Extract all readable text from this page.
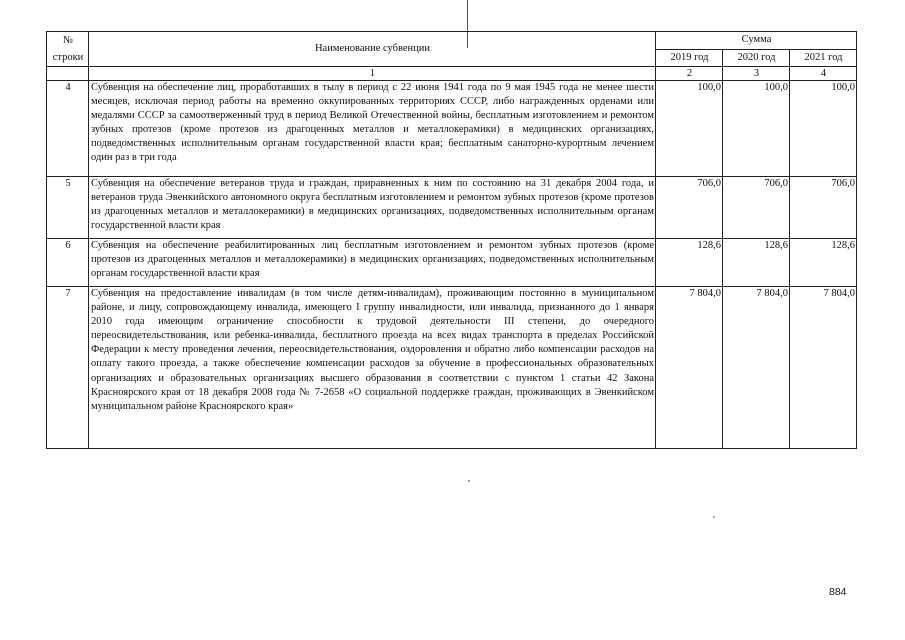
№
строки	Наименование субвенции	Сумма		
		2019 год	2020 год	2021 год
	1	2	3	4
4	Субвенция на обеспечение лиц, проработавших в тылу в период с 22 июня 1941 года по 9 мая 1945 года не менее шести месяцев, исключая период работы на временно оккупированных территориях СССР, либо награжденных орденами или медалями СССР за самоотверженный труд в период Великой Отечественной войны, бесплатным изготовлением и ремонтом зубных протезов (кроме протезов из драгоценных металлов и металлокерамики) в медицинских организациях, подведомственных исполнительным органам государственной власти края; бесплатным санаторно-курортным лечением один раз в три года	100,0	100,0	100,0
5	Субвенция на обеспечение ветеранов труда и граждан, приравненных к ним по состоянию на 31 декабря 2004 года, и ветеранов труда Эвенкийского автономного округа бесплатным изготовлением и ремонтом зубных протезов (кроме протезов из драгоценных металлов и металлокерамики) в медицинских организациях, подведомственных исполнительным органам государственной власти края	706,0	706,0	706,0
6	Субвенция на обеспечение реабилитированных лиц бесплатным изготовлением и ремонтом зубных протезов (кроме протезов из драгоценных металлов и металлокерамики) в медицинских организациях, подведомственных исполнительным органам государственной власти края	128,6	128,6	128,6
7	Субвенция на предоставление инвалидам (в том числе детям-инвалидам), проживающим постоянно в муниципальном районе, и лицу, сопровождающему инвалида, имеющего I группу инвалидности, или инвалида, признанного до 1 января 2010 года имеющим ограничение способности к трудовой деятельности III степени, до очередного переосвидетельствования, или ребенка-инвалида, бесплатного проезда на всех видах транспорта в пределах Российской Федерации к месту проведения лечения, переосвидетельствования, оздоровления и обратно либо компенсации расходов на оплату такого проезда, а также обеспечение компенсации расходов за обучение в профессиональных образовательных организациях и образовательных организациях высшего образования в соответствии с пунктом 1 статьи 42 Закона Красноярского края от 18 декабря 2008 года № 7-2658 «О социальной поддержке граждан, проживающих в Эвенкийском муниципальном районе Красноярского края»	7 804,0	7 804,0	7 804,0
884
